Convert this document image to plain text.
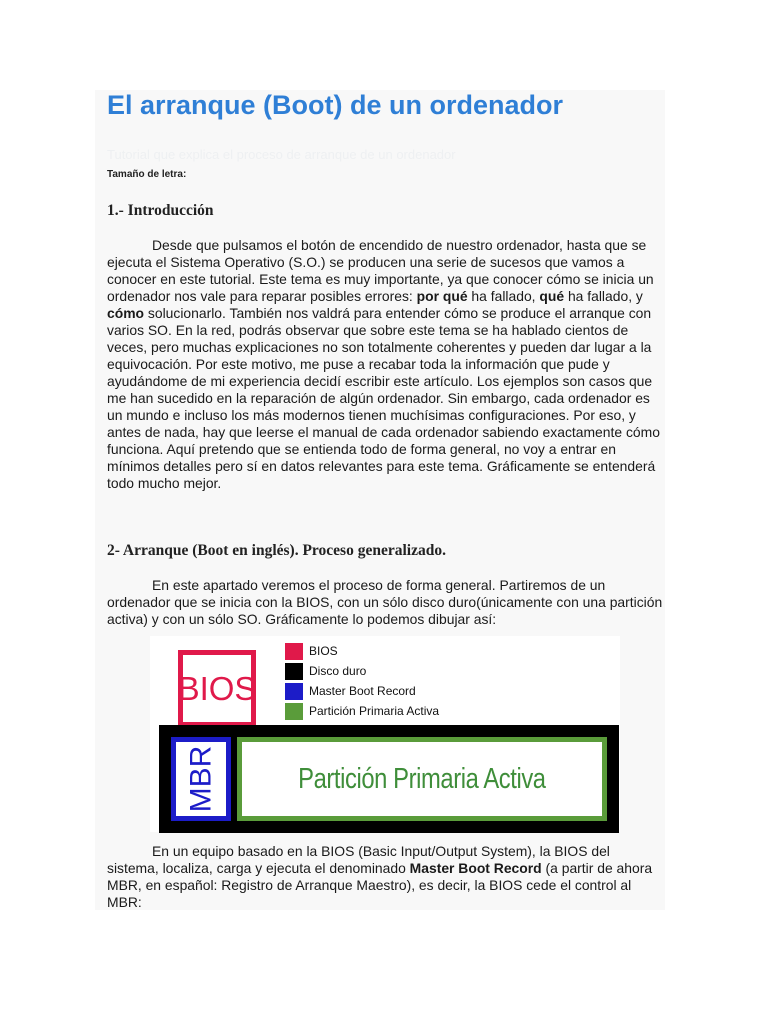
El arranque (Boot) de un ordenador
Tutorial que explica el proceso de arranque de un ordenador
Tamaño de letra:
1.- Introducción

Desde que pulsamos el botón de encendido de nuestro ordenador, hasta que se ejecuta el Sistema Operativo (S.O.) se producen una serie de sucesos que vamos a conocer en este tutorial. Este tema es muy importante, ya que conocer cómo se inicia un ordenador nos vale para reparar posibles errores: por qué ha fallado, qué ha fallado, y cómo solucionarlo. También nos valdrá para entender cómo se produce el arranque con varios SO. En la red, podrás observar que sobre este tema se ha hablado cientos de veces, pero muchas explicaciones no son totalmente coherentes y pueden dar lugar a la equivocación. Por este motivo, me puse a recabar toda la información que pude y ayudándome de mi experiencia decidí escribir este artículo. Los ejemplos son casos que me han sucedido en la reparación de algún ordenador. Sin embargo, cada ordenador es un mundo e incluso los más modernos tienen muchísimas configuraciones. Por eso, y antes de nada, hay que leerse el manual de cada ordenador sabiendo exactamente cómo funciona. Aquí pretendo que se entienda todo de forma general, no voy a entrar en mínimos detalles pero sí en datos relevantes para este tema. Gráficamente se entenderá todo mucho mejor.

2- Arranque (Boot en inglés). Proceso generalizado.

En este apartado veremos el proceso de forma general. Partiremos de un ordenador que se inicia con la BIOS, con un sólo disco duro(únicamente con una partición activa) y con un sólo SO. Gráficamente lo podemos dibujar así:

BIOS
BIOS
Disco duro
Master Boot Record
Partición Primaria Activa
MBR	Partición Primaria Activa

En un equipo basado en la BIOS (Basic Input/Output System), la BIOS del sistema, localiza, carga y ejecuta el denominado Master Boot Record (a partir de ahora MBR, en español: Registro de Arranque Maestro), es decir, la BIOS cede el control al MBR:
